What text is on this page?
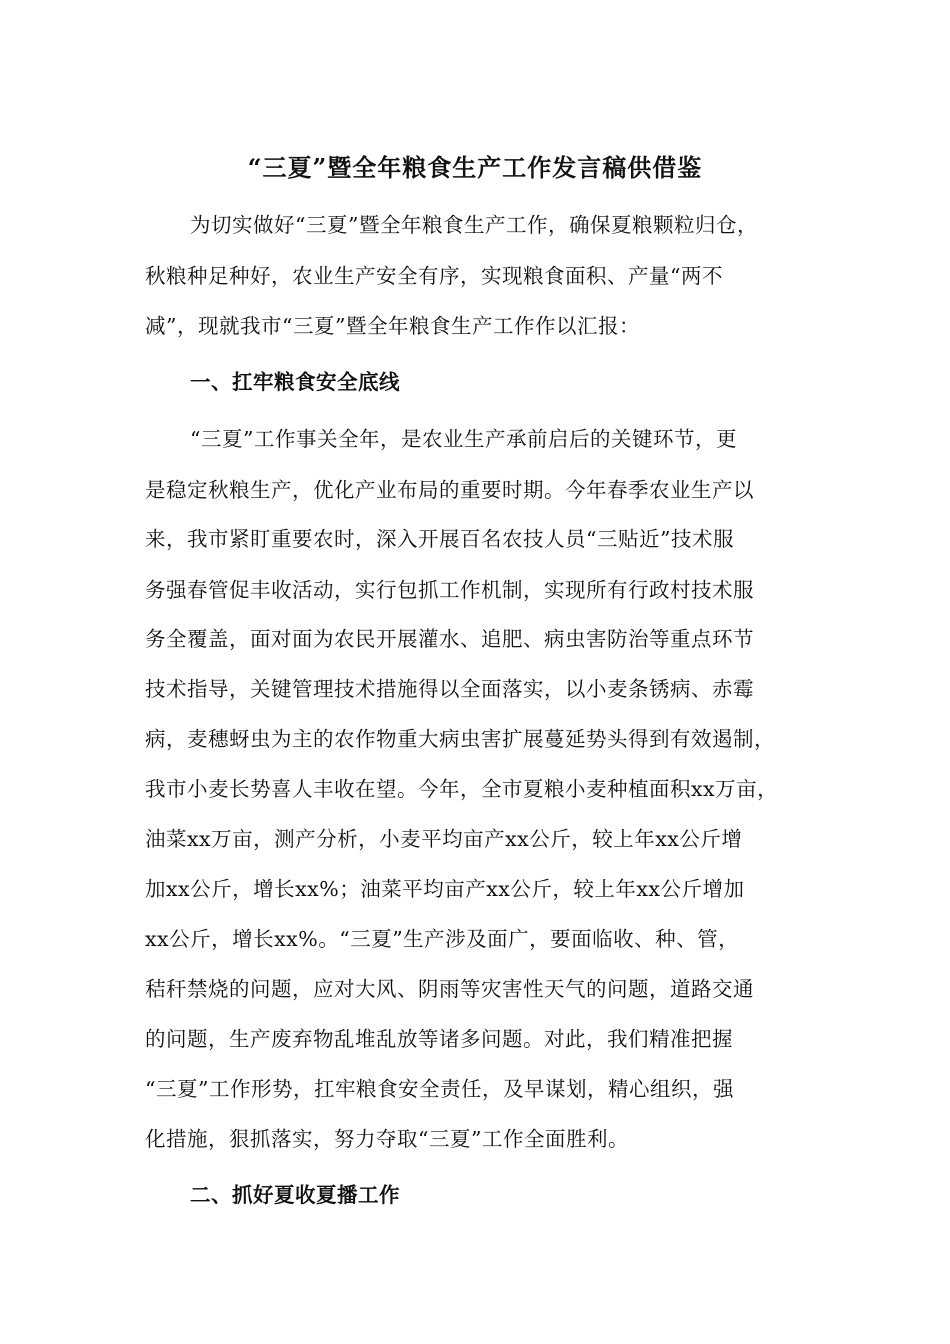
“三夏”暨全年粮食生产工作发言稿供借鉴
为切实做好“三夏”暨全年粮食生产工作，确保夏粮颗粒归仓，
秋粮种足种好，农业生产安全有序，实现粮食面积、产量“两不
减”，现就我市“三夏”暨全年粮食生产工作作以汇报：
一、扛牢粮食安全底线
“三夏”工作事关全年，是农业生产承前启后的关键环节，更
是稳定秋粮生产，优化产业布局的重要时期。今年春季农业生产以
来，我市紧盯重要农时，深入开展百名农技人员“三贴近”技术服
务强春管促丰收活动，实行包抓工作机制，实现所有行政村技术服
务全覆盖，面对面为农民开展灌水、追肥、病虫害防治等重点环节
技术指导，关键管理技术措施得以全面落实，以小麦条锈病、赤霉
病，麦穗蚜虫为主的农作物重大病虫害扩展蔓延势头得到有效遏制，
我市小麦长势喜人丰收在望。今年，全市夏粮小麦种植面积xx万亩，
油菜xx万亩，测产分析，小麦平均亩产xx公斤，较上年xx公斤增
加xx公斤，增长xx%；油菜平均亩产xx公斤，较上年xx公斤增加
xx公斤，增长xx%。“三夏”生产涉及面广，要面临收、种、管，
秸秆禁烧的问题，应对大风、阴雨等灾害性天气的问题，道路交通
的问题，生产废弃物乱堆乱放等诸多问题。对此，我们精准把握
“三夏”工作形势，扛牢粮食安全责任，及早谋划，精心组织，强
化措施，狠抓落实，努力夺取“三夏”工作全面胜利。
二、抓好夏收夏播工作
